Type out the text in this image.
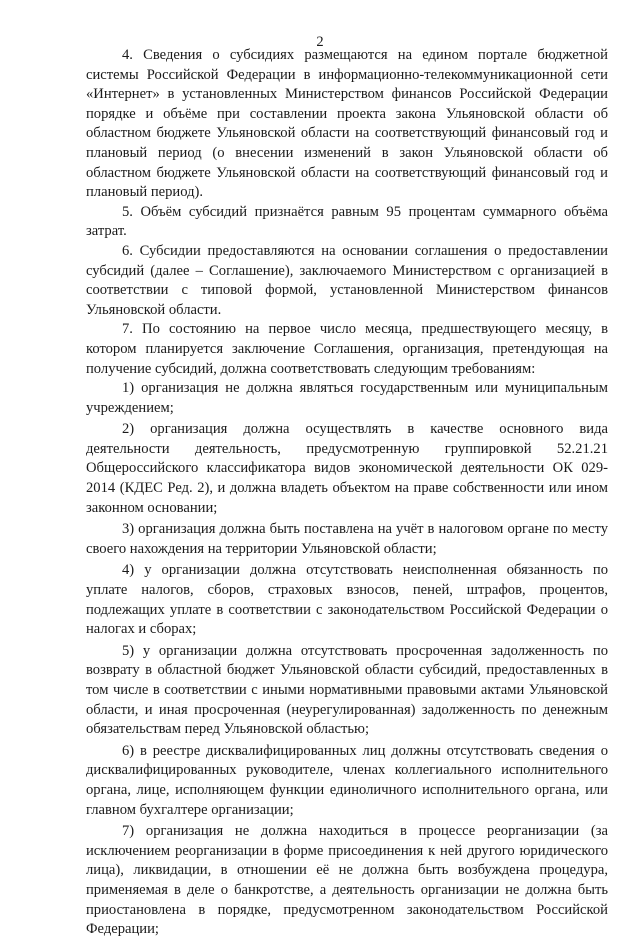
2

4. Сведения о субсидиях размещаются на едином портале бюджетной системы Российской Федерации в информационно-телекоммуникационной сети «Интернет» в установленных Министерством финансов Российской Федерации порядке и объёме при составлении проекта закона Ульяновской области об областном бюджете Ульяновской области на соответствующий финансовый год и плановый период (о внесении изменений в закон Ульяновской области об областном бюджете Ульяновской области на соответствующий финансовый год и плановый период).

5. Объём субсидий признаётся равным 95 процентам суммарного объёма затрат.

6. Субсидии предоставляются на основании соглашения о предоставлении субсидий (далее – Соглашение), заключаемого Министерством с организацией в соответствии с типовой формой, установленной Министерством финансов Ульяновской области.

7. По состоянию на первое число месяца, предшествующего месяцу, в котором планируется заключение Соглашения, организация, претендующая на получение субсидий, должна соответствовать следующим требованиям:

1) организация не должна являться государственным или муниципальным учреждением;

2) организация должна осуществлять в качестве основного вида деятельности деятельность, предусмотренную группировкой 52.21.21 Общероссийского классификатора видов экономической деятельности ОК 029-2014 (КДЕС Ред. 2), и должна владеть объектом на праве собственности или ином законном основании;

3) организация должна быть поставлена на учёт в налоговом органе по месту своего нахождения на территории Ульяновской области;

4) у организации должна отсутствовать неисполненная обязанность по уплате налогов, сборов, страховых взносов, пеней, штрафов, процентов, подлежащих уплате в соответствии с законодательством Российской Федерации о налогах и сборах;

5) у организации должна отсутствовать просроченная задолженность по возврату в областной бюджет Ульяновской области субсидий, предоставленных в том числе в соответствии с иными нормативными правовыми актами Ульяновской области, и иная просроченная (неурегулированная) задолженность по денежным обязательствам перед Ульяновской областью;

6) в реестре дисквалифицированных лиц должны отсутствовать сведения о дисквалифицированных руководителе, членах коллегиального исполнительного органа, лице, исполняющем функции единоличного исполнительного органа, или главном бухгалтере организации;

7) организация не должна находиться в процессе реорганизации (за исключением реорганизации в форме присоединения к ней другого юридического лица), ликвидации, в отношении её не должна быть возбуждена процедура, применяемая в деле о банкротстве, а деятельность организации не должна быть приостановлена в порядке, предусмотренном законодательством Российской Федерации;
